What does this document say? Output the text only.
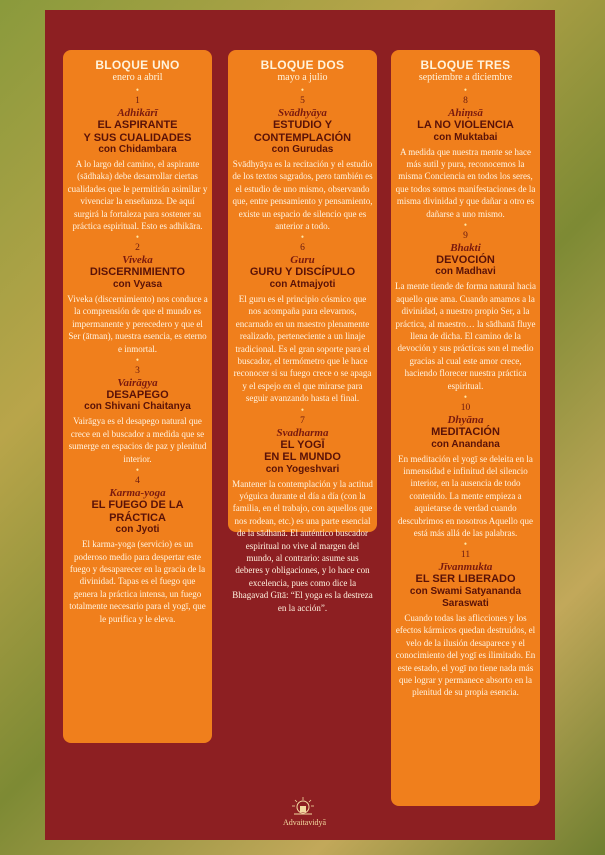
BLOQUE UNO
enero a abril
•
1
Adhikārī
EL ASPIRANTE
Y SUS CUALIDADES
con Chidambara
A lo largo del camino, el aspirante (sādhaka) debe desarrollar ciertas cualidades que le permitirán asimilar y vivenciar la enseñanza. De aquí surgirá la fortaleza para sostener su práctica espiritual. Esto es adhikāra.
•
2
Viveka
DISCERNIMIENTO
con Vyasa
Viveka (discernimiento) nos conduce a la comprensión de que el mundo es impermanente y perecedero y que el Ser (ātman), nuestra esencia, es eterno e inmortal.
•
3
Vairāgya
DESAPEGO
con Shivani Chaitanya
Vairāgya es el desapego natural que crece en el buscador a medida que se sumerge en espacios de paz y plenitud interior.
•
4
Karma-yoga
EL FUEGO DE LA
PRÁCTICA
con Jyoti
El karma-yoga (servicio) es un poderoso medio para despertar este fuego y desaparecer en la gracia de la divinidad. Tapas es el fuego que genera la práctica intensa, un fuego totalmente necesario para el yogī, que le purifica y le eleva.
BLOQUE DOS
mayo a julio
•
5
Svādhyāya
ESTUDIO Y
CONTEMPLACIÓN
con Gurudas
Svādhyāya es la recitación y el estudio de los textos sagrados, pero también es el estudio de uno mismo, observando que, entre pensamiento y pensamiento, existe un espacio de silencio que es anterior a todo.
•
6
Guru
GURU Y DISCÍPULO
con Atmajyoti
El guru es el principio cósmico que nos acompaña para elevarnos, encarnado en un maestro plenamente realizado, perteneciente a un linaje tradicional. Es el gran soporte para el buscador, el termómetro que le hace reconocer si su fuego crece o se apaga y el espejo en el que mirarse para seguir avanzando hasta el final.
•
7
Svadharma
EL YOGĪ
EN EL MUNDO
con Yogeshvari
Mantener la contemplación y la actitud yóguica durante el día a día (con la familia, en el trabajo, con aquellos que nos rodean, etc.) es una parte esencial de la sādhanā. El auténtico buscador espiritual no vive al margen del mundo, al contrario: asume sus deberes y obligaciones, y lo hace con excelencia, pues como dice la Bhagavad Gītā: “El yoga es la destreza en la acción”.
BLOQUE TRES
septiembre a diciembre
•
8
Ahiṃsā
LA NO VIOLENCIA
con Muktabai
A medida que nuestra mente se hace más sutil y pura, reconocemos la misma Conciencia en todos los seres, que todos somos manifestaciones de la misma divinidad y que dañar a otro es dañarse a uno mismo.
•
9
Bhakti
DEVOCIÓN
con Madhavi
La mente tiende de forma natural hacia aquello que ama. Cuando amamos a la divinidad, a nuestro propio Ser, a la práctica, al maestro… la sādhanā fluye llena de dicha. El camino de la devoción y sus prácticas son el medio gracias al cual este amor crece, haciendo florecer nuestra práctica espiritual.
•
10
Dhyāna
MEDITACIÓN
con Anandana
En meditación el yogī se deleita en la inmensidad e infinitud del silencio interior, en la ausencia de todo contenido. La mente empieza a aquietarse de verdad cuando descubrimos en nosotros Aquello que está más allá de las palabras.
•
11
Jīvanmukta
EL SER LIBERADO
con Swami Satyananda
Saraswati
Cuando todas las aflicciones y los efectos kármicos quedan destruidos, el velo de la ilusión desaparece y el conocimiento del yogī es ilimitado. En este estado, el yogī no tiene nada más que lograr y permanece absorto en la plenitud de su propia esencia.
Advaitavidyā
